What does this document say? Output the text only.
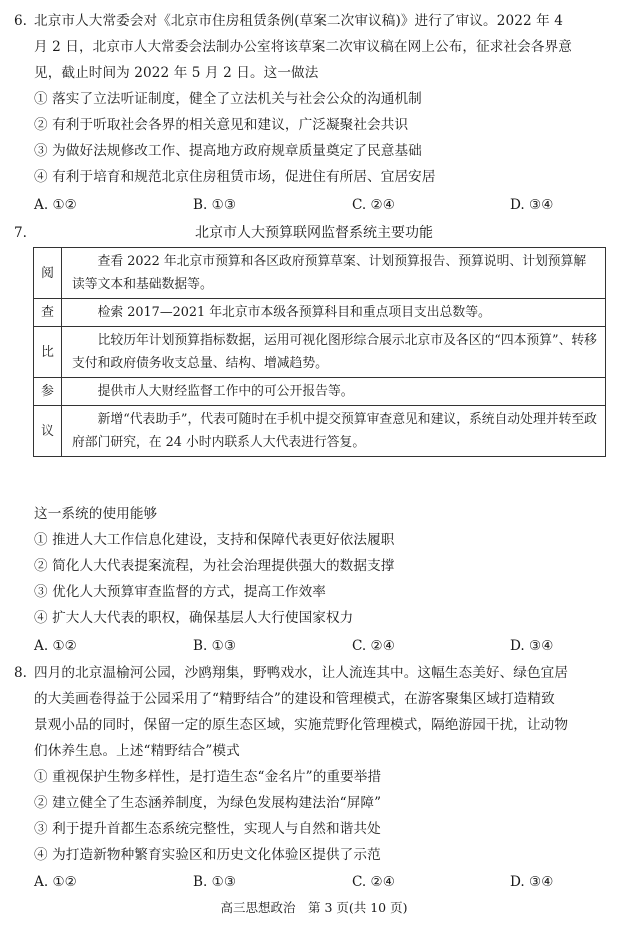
6. 北京市人大常委会对《北京市住房租赁条例(草案二次审议稿)》进行了审议。2022 年 4
月 2 日，北京市人大常委会法制办公室将该草案二次审议稿在网上公布，征求社会各界意
见，截止时间为 2022 年 5 月 2 日。这一做法
① 落实了立法听证制度，健全了立法机关与社会公众的沟通机制
② 有利于听取社会各界的相关意见和建议，广泛凝聚社会共识
③ 为做好法规修改工作、提高地方政府规章质量奠定了民意基础
④ 有利于培育和规范北京住房租赁市场，促进住有所居、宜居安居
A. ①②	B. ①③	C. ②④	D. ③④
7.	北京市人大预算联网监督系统主要功能
阅	查看 2022 年北京市预算和各区政府预算草案、计划预算报告、预算说明、计划预算解读等文本和基础数据等。
查	检索 2017—2021 年北京市本级各预算科目和重点项目支出总数等。
比	比较历年计划预算指标数据，运用可视化图形综合展示北京市及各区的“四本预算”、转移支付和政府债务收支总量、结构、增减趋势。
参	提供市人大财经监督工作中的可公开报告等。
议	新增“代表助手”，代表可随时在手机中提交预算审查意见和建议，系统自动处理并转至政府部门研究，在 24 小时内联系人大代表进行答复。
这一系统的使用能够
① 推进人大工作信息化建设，支持和保障代表更好依法履职
② 简化人大代表提案流程，为社会治理提供强大的数据支撑
③ 优化人大预算审查监督的方式，提高工作效率
④ 扩大人大代表的职权，确保基层人大行使国家权力
A. ①②	B. ①③	C. ②④	D. ③④
8. 四月的北京温榆河公园，沙鸥翔集，野鸭戏水，让人流连其中。这幅生态美好、绿色宜居
的大美画卷得益于公园采用了“精野结合”的建设和管理模式，在游客聚集区域打造精致
景观小品的同时，保留一定的原生态区域，实施荒野化管理模式，隔绝游园干扰，让动物
们休养生息。上述“精野结合”模式
① 重视保护生物多样性，是打造生态“金名片”的重要举措
② 建立健全了生态涵养制度，为绿色发展构建法治“屏障”
③ 利于提升首都生态系统完整性，实现人与自然和谐共处
④ 为打造新物种繁育实验区和历史文化体验区提供了示范
A. ①②	B. ①③	C. ②④	D. ③④
高三思想政治　第 3 页(共 10 页)
